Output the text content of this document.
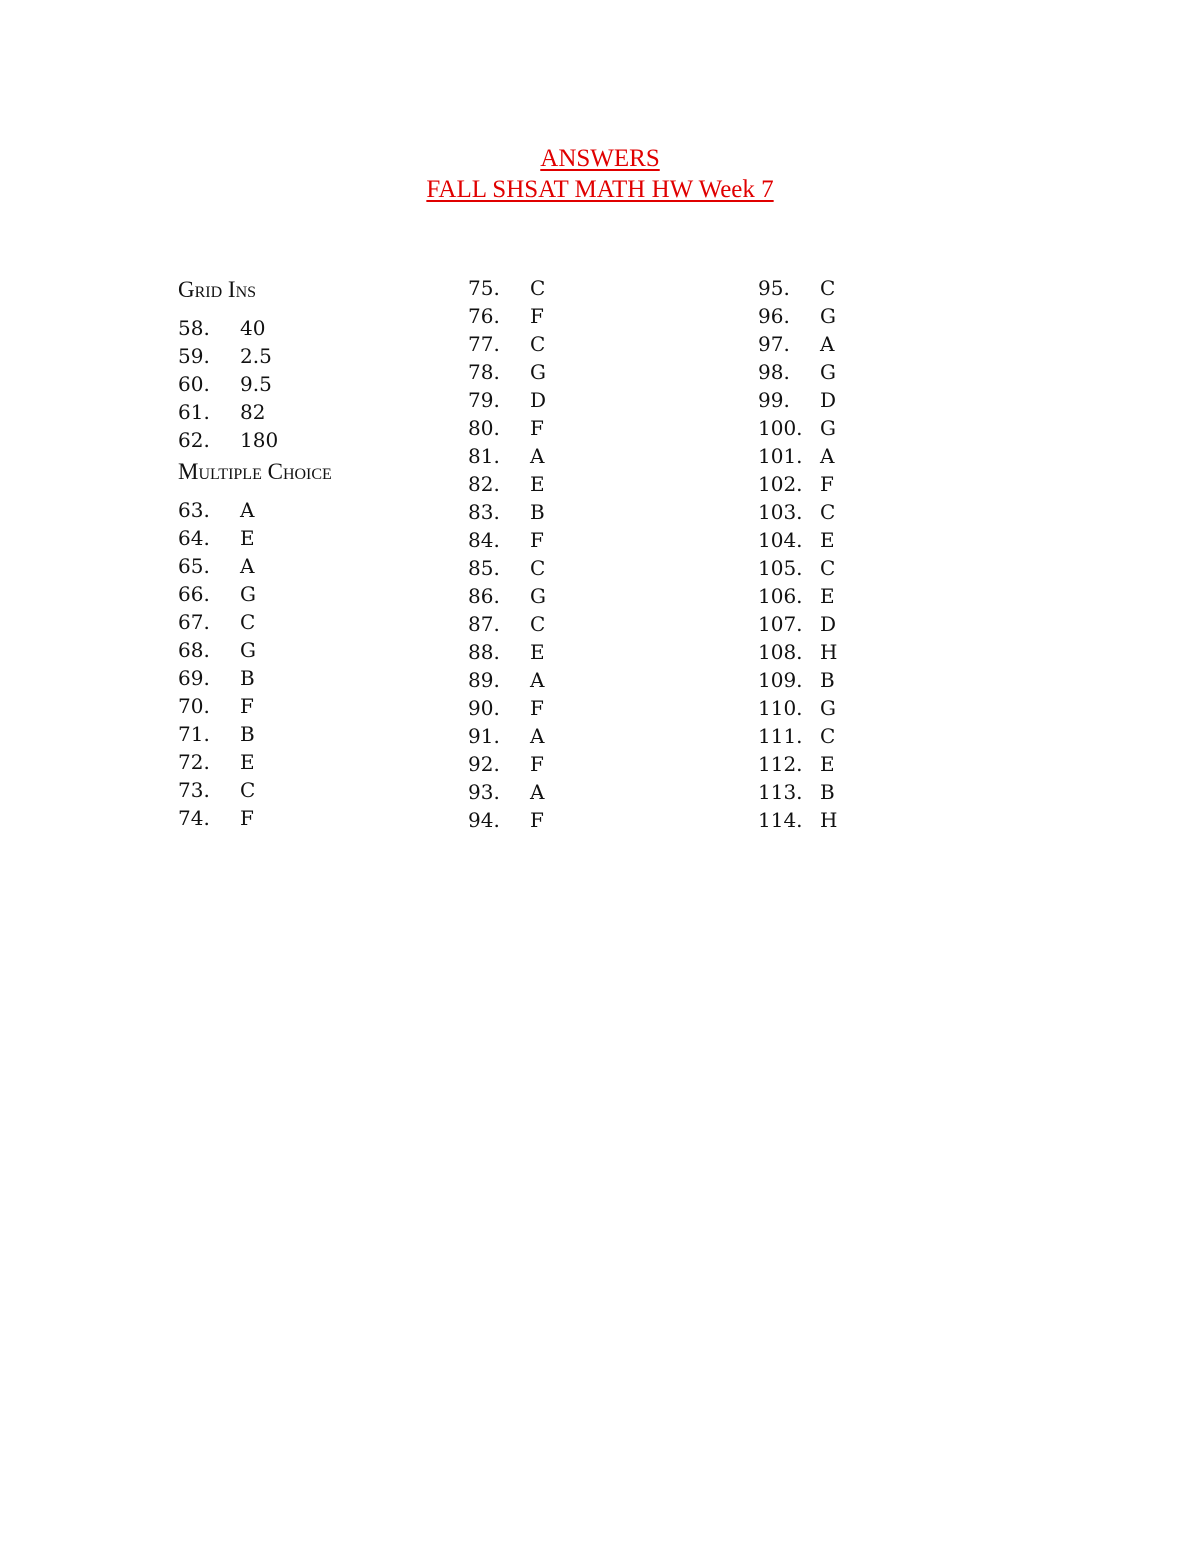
ANSWERS
FALL SHSAT MATH HW Week 7
Grid Ins
58. 40
59. 2.5
60. 9.5
61. 82
62. 180
Multiple Choice
63. A
64. E
65. A
66. G
67. C
68. G
69. B
70. F
71. B
72. E
73. C
74. F
75. C
76. F
77. C
78. G
79. D
80. F
81. A
82. E
83. B
84. F
85. C
86. G
87. C
88. E
89. A
90. F
91. A
92. F
93. A
94. F
95. C
96. G
97. A
98. G
99. D
100. G
101. A
102. F
103. C
104. E
105. C
106. E
107. D
108. H
109. B
110. G
111. C
112. E
113. B
114. H
